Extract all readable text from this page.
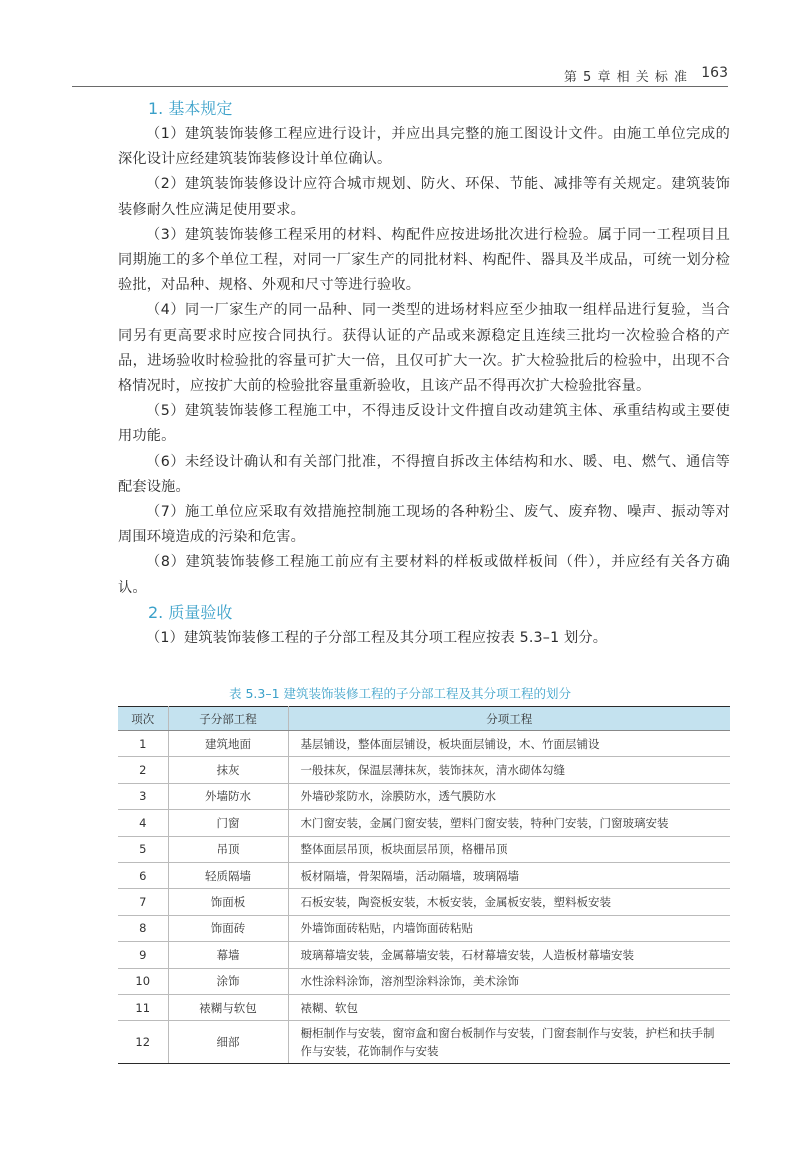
第 5 章 相 关 标 准 163
1. 基本规定

（1）建筑装饰装修工程应进行设计，并应出具完整的施工图设计文件。由施工单位完成的深化设计应经建筑装饰装修设计单位确认。

（2）建筑装饰装修设计应符合城市规划、防火、环保、节能、减排等有关规定。建筑装饰装修耐久性应满足使用要求。

（3）建筑装饰装修工程采用的材料、构配件应按进场批次进行检验。属于同一工程项目且同期施工的多个单位工程，对同一厂家生产的同批材料、构配件、器具及半成品，可统一划分检验批，对品种、规格、外观和尺寸等进行验收。

（4）同一厂家生产的同一品种、同一类型的进场材料应至少抽取一组样品进行复验，当合同另有更高要求时应按合同执行。获得认证的产品或来源稳定且连续三批均一次检验合格的产品，进场验收时检验批的容量可扩大一倍，且仅可扩大一次。扩大检验批后的检验中，出现不合格情况时，应按扩大前的检验批容量重新验收，且该产品不得再次扩大检验批容量。

（5）建筑装饰装修工程施工中，不得违反设计文件擅自改动建筑主体、承重结构或主要使用功能。

（6）未经设计确认和有关部门批准，不得擅自拆改主体结构和水、暖、电、燃气、通信等配套设施。

（7）施工单位应采取有效措施控制施工现场的各种粉尘、废气、废弃物、噪声、振动等对周围环境造成的污染和危害。

（8）建筑装饰装修工程施工前应有主要材料的样板或做样板间（件），并应经有关各方确认。

2. 质量验收

（1）建筑装饰装修工程的子分部工程及其分项工程应按表 5.3–1 划分。

表 5.3–1 建筑装饰装修工程的子分部工程及其分项工程的划分
项次	子分部工程	分项工程
1	建筑地面	基层铺设，整体面层铺设，板块面层铺设，木、竹面层铺设
2	抹灰	一般抹灰，保温层薄抹灰，装饰抹灰，清水砌体勾缝
3	外墙防水	外墙砂浆防水，涂膜防水，透气膜防水
4	门窗	木门窗安装，金属门窗安装，塑料门窗安装，特种门安装，门窗玻璃安装
5	吊顶	整体面层吊顶，板块面层吊顶，格栅吊顶
6	轻质隔墙	板材隔墙，骨架隔墙，活动隔墙，玻璃隔墙
7	饰面板	石板安装，陶瓷板安装，木板安装，金属板安装，塑料板安装
8	饰面砖	外墙饰面砖粘贴，内墙饰面砖粘贴
9	幕墙	玻璃幕墙安装，金属幕墙安装，石材幕墙安装，人造板材幕墙安装
10	涂饰	水性涂料涂饰，溶剂型涂料涂饰，美术涂饰
11	裱糊与软包	裱糊、软包
12	细部	橱柜制作与安装，窗帘盒和窗台板制作与安装，门窗套制作与安装，护栏和扶手制作与安装，花饰制作与安装
